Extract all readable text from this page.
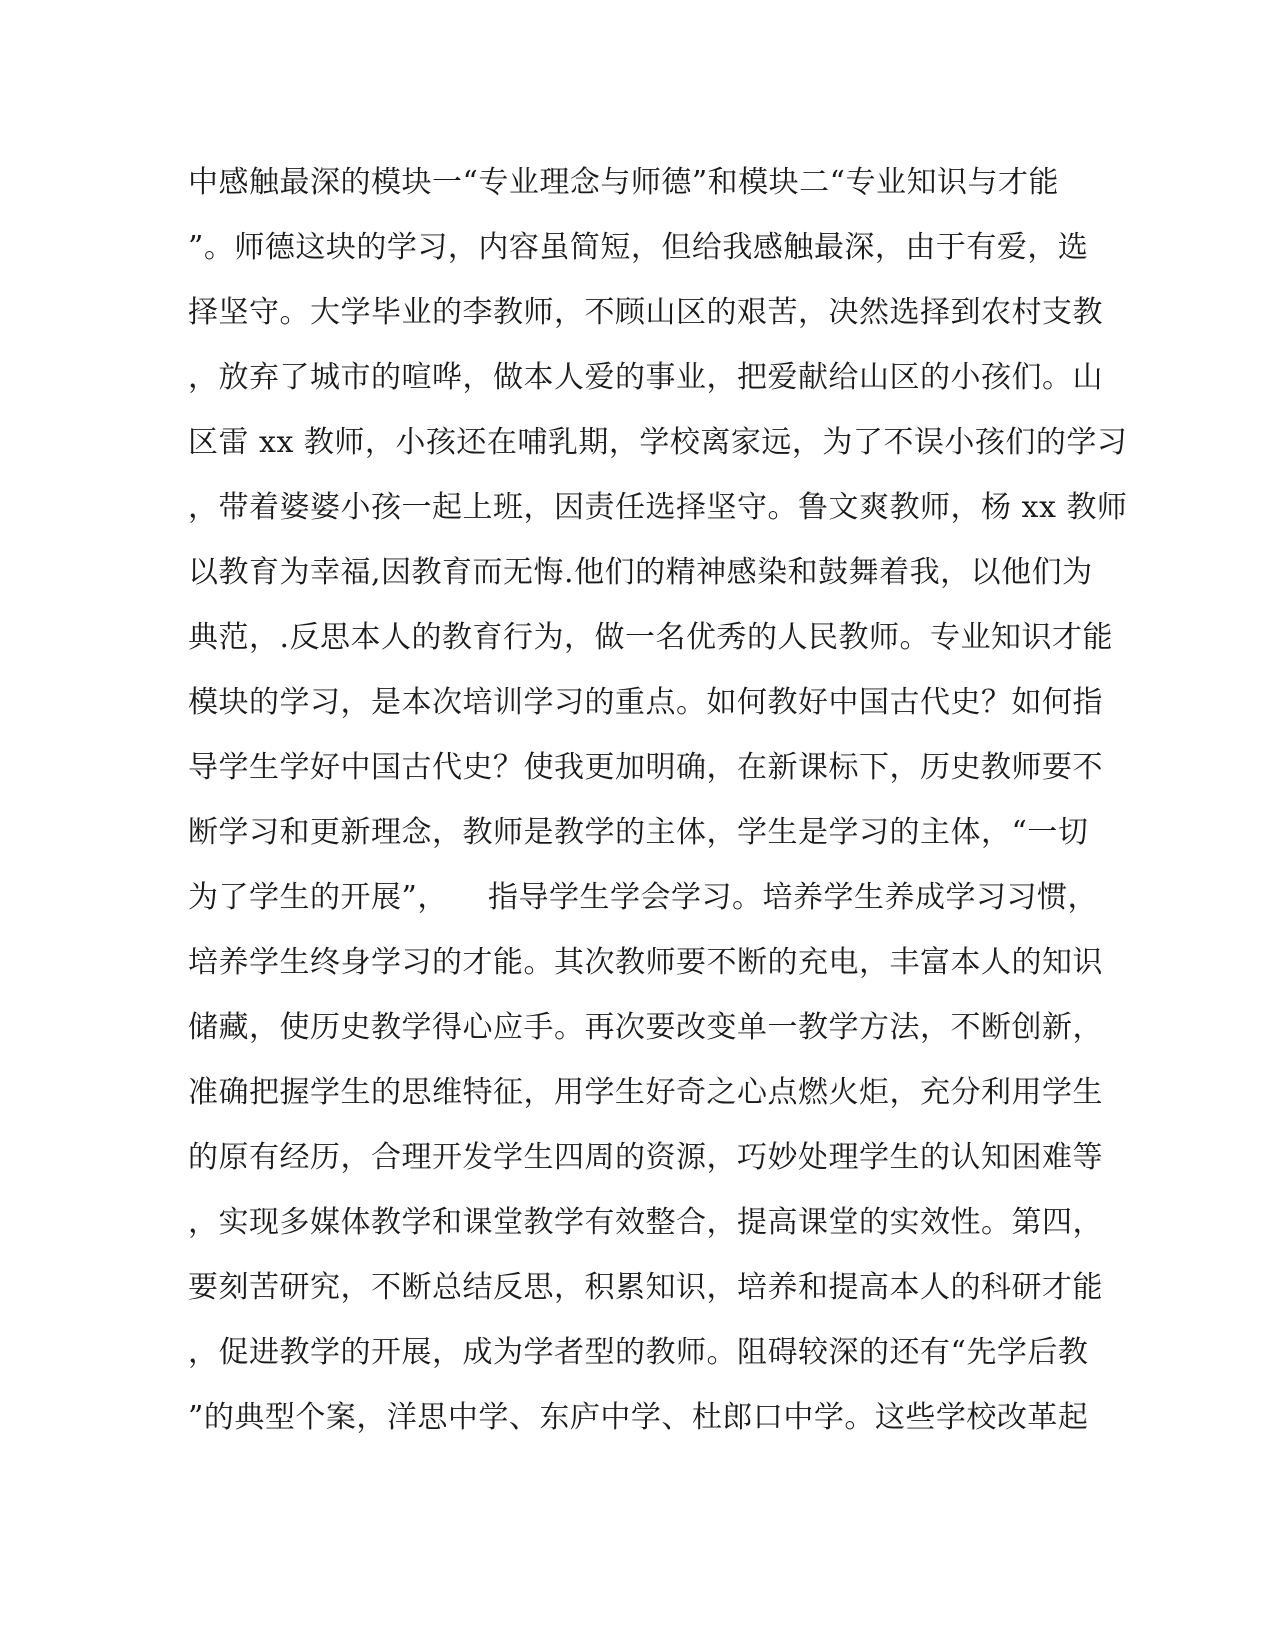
中感触最深的模块一“专业理念与师德”和模块二“专业知识与才能
”。师德这块的学习，内容虽简短，但给我感触最深，由于有爱，选
择坚守。大学毕业的李教师，不顾山区的艰苦，决然选择到农村支教
，放弃了城市的喧哗，做本人爱的事业，把爱献给山区的小孩们。山
区雷 xx 教师，小孩还在哺乳期，学校离家远，为了不误小孩们的学习
，带着婆婆小孩一起上班，因责任选择坚守。鲁文爽教师，杨 xx 教师
以教育为幸福,因教育而无悔.他们的精神感染和鼓舞着我，以他们为
典范，.反思本人的教育行为，做一名优秀的人民教师。专业知识才能
模块的学习，是本次培训学习的重点。如何教好中国古代史？如何指
导学生学好中国古代史？使我更加明确，在新课标下，历史教师要不
断学习和更新理念，教师是教学的主体，学生是学习的主体，“一切
为了学生的开展”，    指导学生学会学习。培养学生养成学习习惯，
培养学生终身学习的才能。其次教师要不断的充电，丰富本人的知识
储藏，使历史教学得心应手。再次要改变单一教学方法，不断创新，
准确把握学生的思维特征，用学生好奇之心点燃火炬，充分利用学生
的原有经历，合理开发学生四周的资源，巧妙处理学生的认知困难等
，实现多媒体教学和课堂教学有效整合，提高课堂的实效性。第四，
要刻苦研究，不断总结反思，积累知识，培养和提高本人的科研才能
，促进教学的开展，成为学者型的教师。阻碍较深的还有“先学后教
”的典型个案，洋思中学、东庐中学、杜郎口中学。这些学校改革起
